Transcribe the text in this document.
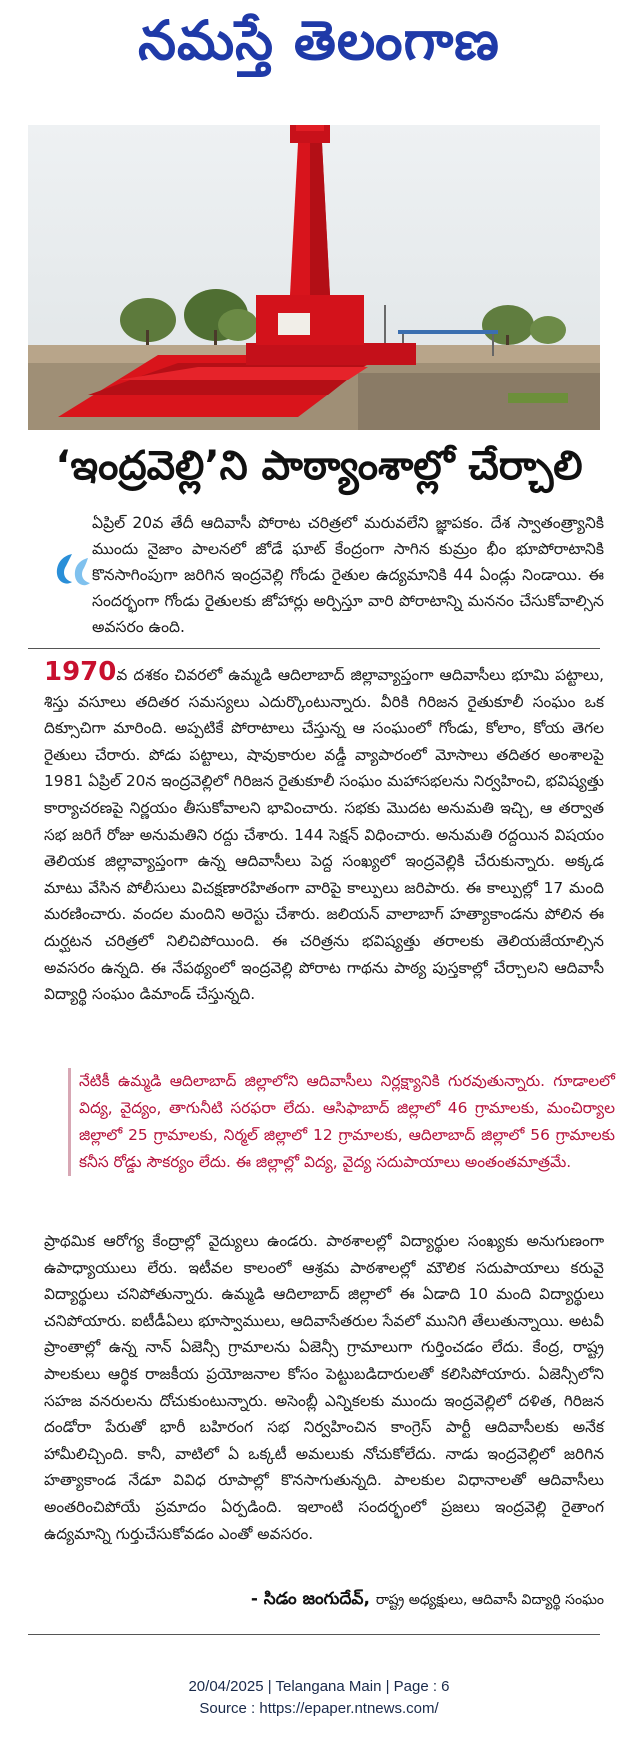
నమస్తే తెలంగాణ
‘ఇంద్రవెల్లి’ని పాఠ్యాంశాల్లో చేర్చాలి
ఏప్రిల్ 20వ తేదీ ఆదివాసీ పోరాట చరిత్రలో మరువలేని జ్ఞాపకం. దేశ స్వాతంత్ర్యానికి ముందు నైజాం పాలనలో జోడే ఘాట్ కేంద్రంగా సాగిన కుమ్రం భీం భూపోరాటానికి కొనసాగింపుగా జరిగిన ఇంద్రవెల్లి గోండు రైతుల ఉద్యమానికి 44 ఏండ్లు నిండాయి. ఈ సందర్భంగా గోండు రైతులకు జోహార్లు అర్పిస్తూ వారి పోరాటాన్ని మననం చేసుకోవాల్సిన అవసరం ఉంది.
1970వ దశకం చివరలో ఉమ్మడి ఆదిలాబాద్ జిల్లావ్యాప్తంగా ఆదివాసీలు భూమి పట్టాలు, శిస్తు వసూలు తదితర సమస్యలు ఎదుర్కొంటున్నారు. వీరికి గిరిజన రైతుకూలీ సంఘం ఒక దిక్సూచిగా మారింది. అప్పటికే పోరాటాలు చేస్తున్న ఆ సంఘంలో గోండు, కోలాం, కోయ తెగల రైతులు చేరారు. పోడు పట్టాలు, షావుకారుల వడ్డీ వ్యాపారంలో మోసాలు తదితర అంశాలపై 1981 ఏప్రిల్ 20న ఇంద్రవెల్లిలో గిరిజన రైతుకూలీ సంఘం మహాసభలను నిర్వహించి, భవిష్యత్తు కార్యాచరణపై నిర్ణయం తీసుకోవాలని భావించారు. సభకు మొదట అనుమతి ఇచ్చి, ఆ తర్వాత సభ జరిగే రోజు అనుమతిని రద్దు చేశారు. 144 సెక్షన్ విధించారు. అనుమతి రద్దయిన విషయం తెలియక జిల్లావ్యాప్తంగా ఉన్న ఆదివాసీలు పెద్ద సంఖ్యలో ఇంద్రవెల్లికి చేరుకున్నారు. అక్కడ మాటు వేసిన పోలీసులు విచక్షణారహితంగా వారిపై కాల్పులు జరిపారు. ఈ కాల్పుల్లో 17 మంది మరణించారు. వందల మందిని అరెస్టు చేశారు. జలియన్ వాలాబాగ్ హత్యాకాండను పోలిన ఈ దుర్ఘటన చరిత్రలో నిలిచిపోయింది. ఈ చరిత్రను భవిష్యత్తు తరాలకు తెలియజేయాల్సిన అవసరం ఉన్నది. ఈ నేపథ్యంలో ఇంద్రవెల్లి పోరాట గాథను పాఠ్య పుస్తకాల్లో చేర్చాలని ఆదివాసీ విద్యార్థి సంఘం డిమాండ్ చేస్తున్నది.
నేటికీ ఉమ్మడి ఆదిలాబాద్ జిల్లాలోని ఆదివాసీలు నిర్లక్ష్యానికి గురవుతున్నారు. గూడాలలో విద్య, వైద్యం, తాగునీటి సరఫరా లేదు. ఆసిఫాబాద్ జిల్లాలో 46 గ్రామాలకు, మంచిర్యాల జిల్లాలో 25 గ్రామాలకు, నిర్మల్ జిల్లాలో 12 గ్రామాలకు, ఆదిలాబాద్ జిల్లాలో 56 గ్రామాలకు కనీస రోడ్డు సౌకర్యం లేదు. ఈ జిల్లాల్లో విద్య, వైద్య సదుపాయాలు అంతంతమాత్రమే.
ప్రాథమిక ఆరోగ్య కేంద్రాల్లో వైద్యులు ఉండరు. పాఠశాలల్లో విద్యార్థుల సంఖ్యకు అనుగుణంగా ఉపాధ్యాయులు లేరు. ఇటీవల కాలంలో ఆశ్రమ పాఠశాలల్లో మౌలిక సదుపాయాలు కరువై విద్యార్థులు చనిపోతున్నారు. ఉమ్మడి ఆదిలాబాద్ జిల్లాలో ఈ ఏడాది 10 మంది విద్యార్థులు చనిపోయారు. ఐటీడీఏలు భూస్వాములు, ఆదివాసేతరుల సేవలో మునిగి తేలుతున్నాయి. అటవీ ప్రాంతాల్లో ఉన్న నాన్ ఏజెన్సీ గ్రామాలను ఏజెన్సీ గ్రామాలుగా గుర్తించడం లేదు. కేంద్ర, రాష్ట్ర పాలకులు ఆర్థిక రాజకీయ ప్రయోజనాల కోసం పెట్టుబడిదారులతో కలిసిపోయారు. ఏజెన్సీలోని సహజ వనరులను దోచుకుంటున్నారు. అసెంబ్లీ ఎన్నికలకు ముందు ఇంద్రవెల్లిలో దళిత, గిరిజన దండోరా పేరుతో భారీ బహిరంగ సభ నిర్వహించిన కాంగ్రెస్ పార్టీ ఆదివాసీలకు అనేక హామీలిచ్చింది. కానీ, వాటిలో ఏ ఒక్కటీ అమలుకు నోచుకోలేదు. నాడు ఇంద్రవెల్లిలో జరిగిన హత్యాకాండ నేడూ వివిధ రూపాల్లో కొనసాగుతున్నది. పాలకుల విధానాలతో ఆదివాసీలు అంతరించిపోయే ప్రమాదం ఏర్పడింది. ఇలాంటి సందర్భంలో ప్రజలు ఇంద్రవెల్లి రైతాంగ ఉద్యమాన్ని గుర్తుచేసుకోవడం ఎంతో అవసరం.
- సిడం జంగుదేవ్, రాష్ట్ర అధ్యక్షులు, ఆదివాసీ విద్యార్థి సంఘం
20/04/2025 | Telangana Main | Page : 6
Source : https://epaper.ntnews.com/
